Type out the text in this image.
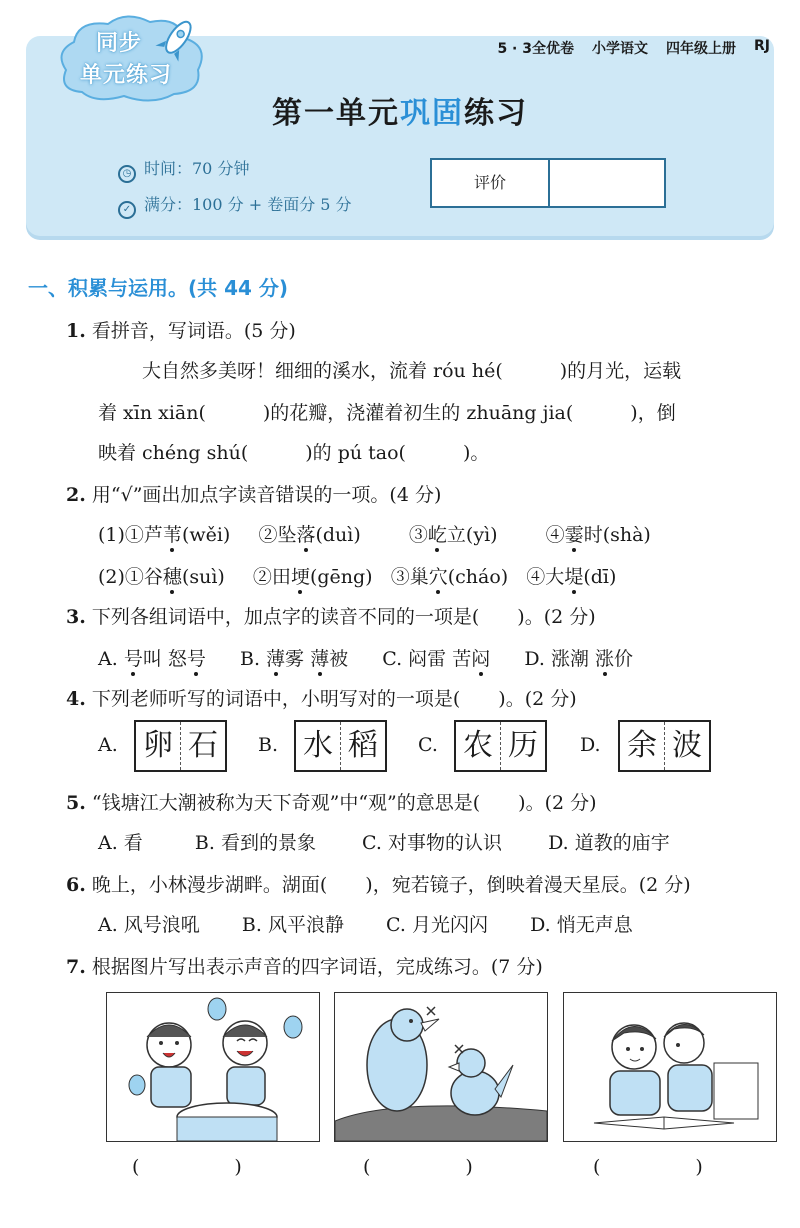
同步
单元练习
5 · 3全优卷 小学语文 四年级上册 RJ
第一单元巩固练习
◷ 时间：70 分钟
✓ 满分：100 分 + 卷面分 5 分
评价
一、积累与运用。(共 44 分)
1. 看拼音，写词语。(5 分)
大自然多美呀！细细的溪水，流着 róu hé(　　　)的月光，运载
着 xīn xiān(　　　)的花瓣，浇灌着初生的 zhuāng jia(　　　)，倒
映着 chéng shú(　　　)的 pú tao(　　　)。
2. 用“√”画出加点字读音错误的一项。(4 分)
(1)①芦苇(wěi) ②坠落(duì)	③屹立(yì)	④霎时(shà)
(2)①谷穗(suì) ②田埂(gēng) ③巢穴(cháo) ④大堤(dī)
3. 下列各组词语中，加点字的读音不同的一项是(　　)。(2 分)
A. 号叫 怒号 B. 薄雾 薄被 C. 闷雷 苦闷 D. 涨潮 涨价
4. 下列老师听写的词语中，小明写对的一项是(　　)。(2 分)
A. 卵 石	B. 水 稻	C. 农 历	D. 余 波
5. “钱塘江大潮被称为天下奇观”中“观”的意思是(　　)。(2 分)
A. 看	B. 看到的景象 C. 对事物的认识 D. 道教的庙宇
6. 晚上，小林漫步湖畔。湖面(　　)，宛若镜子，倒映着漫天星辰。(2 分)
A. 风号浪吼 B. 风平浪静 C. 月光闪闪 D. 悄无声息
7. 根据图片写出表示声音的四字词语，完成练习。(7 分)
(　　　　　)	(　　　　　)	(　　　　　)
